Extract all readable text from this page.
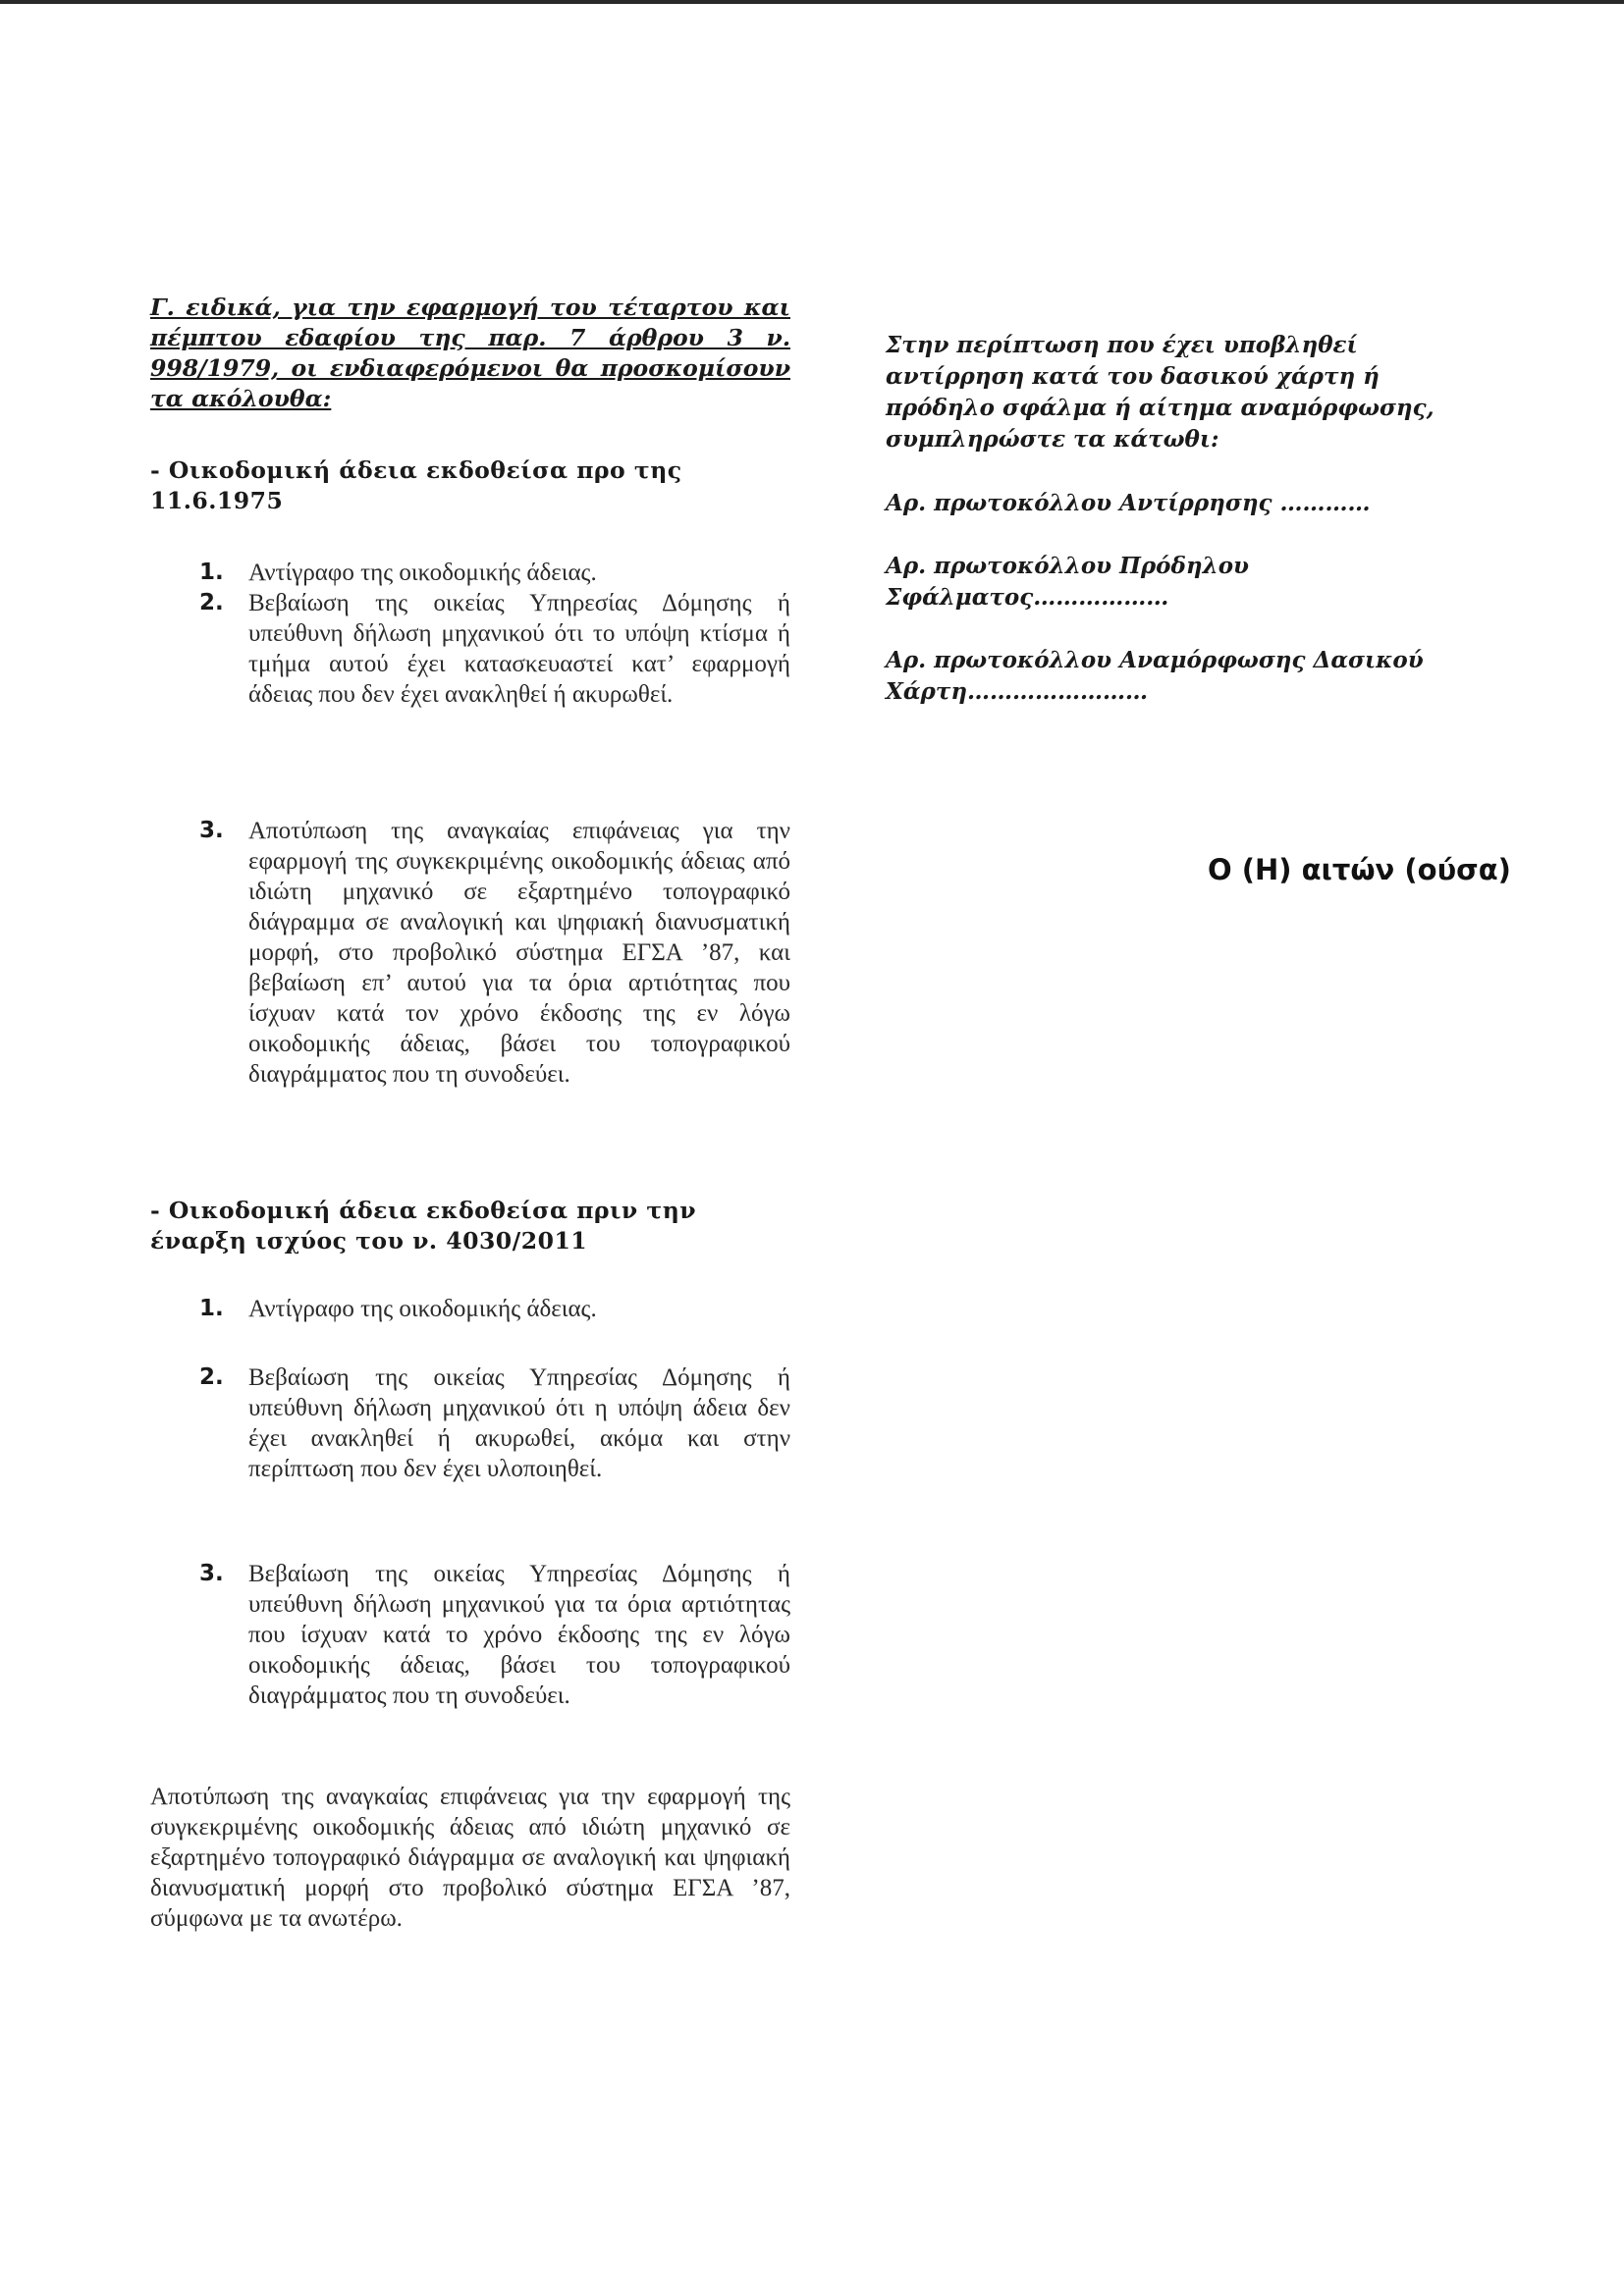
Γ. ειδικά, για την εφαρμογή του τέταρτου και πέμπτου εδαφίου της παρ. 7 άρθρου 3 ν. 998/1979, οι ενδιαφερόμενοι θα προσκομίσουν τα ακόλουθα:

- Οικοδομική άδεια εκδοθείσα προ της
11.6.1975

1. Αντίγραφο της οικοδομικής άδειας.
2. Βεβαίωση της οικείας Υπηρεσίας Δόμησης ή υπεύθυνη δήλωση μηχανικού ότι το υπόψη κτίσμα ή τμήμα αυτού έχει κατασκευαστεί κατ’ εφαρμογή άδειας που δεν έχει ανακληθεί ή ακυρωθεί.
3. Αποτύπωση της αναγκαίας επιφάνειας για την εφαρμογή της συγκεκριμένης οικοδομικής άδειας από ιδιώτη μηχανικό σε εξαρτημένο τοπογραφικό διάγραμμα σε αναλογική και ψηφιακή διανυσματική μορφή, στο προβολικό σύστημα ΕΓΣΑ ’87, και βεβαίωση επ’ αυτού για τα όρια αρτιότητας που ίσχυαν κατά τον χρόνο έκδοσης της εν λόγω οικοδομικής άδειας, βάσει του τοπογραφικού διαγράμματος που τη συνοδεύει.

- Οικοδομική άδεια εκδοθείσα πριν την
έναρξη ισχύος του ν. 4030/2011

1. Αντίγραφο της οικοδομικής άδειας.
2. Βεβαίωση της οικείας Υπηρεσίας Δόμησης ή υπεύθυνη δήλωση μηχανικού ότι η υπόψη άδεια δεν έχει ανακληθεί ή ακυρωθεί, ακόμα και στην περίπτωση που δεν έχει υλοποιηθεί.
3. Βεβαίωση της οικείας Υπηρεσίας Δόμησης ή υπεύθυνη δήλωση μηχανικού για τα όρια αρτιότητας που ίσχυαν κατά το χρόνο έκδοσης της εν λόγω οικοδομικής άδειας, βάσει του τοπογραφικού διαγράμματος που τη συνοδεύει.

Αποτύπωση της αναγκαίας επιφάνειας για την εφαρμογή της συγκεκριμένης οικοδομικής άδειας από ιδιώτη μηχανικό σε εξαρτημένο τοπογραφικό διάγραμμα σε αναλογική και ψηφιακή διανυσματική μορφή στο προβολικό σύστημα ΕΓΣΑ ’87, σύμφωνα με τα ανωτέρω.

Στην περίπτωση που έχει υποβληθεί αντίρρηση κατά του δασικού χάρτη ή πρόδηλο σφάλμα ή αίτημα αναμόρφωσης, συμπληρώστε τα κάτωθι:

Αρ. πρωτοκόλλου Αντίρρησης …………

Αρ. πρωτοκόλλου Πρόδηλου Σφάλματος………………

Αρ. πρωτοκόλλου Αναμόρφωσης Δασικού Χάρτη……………………

Ο (Η) αιτών (ούσα)
